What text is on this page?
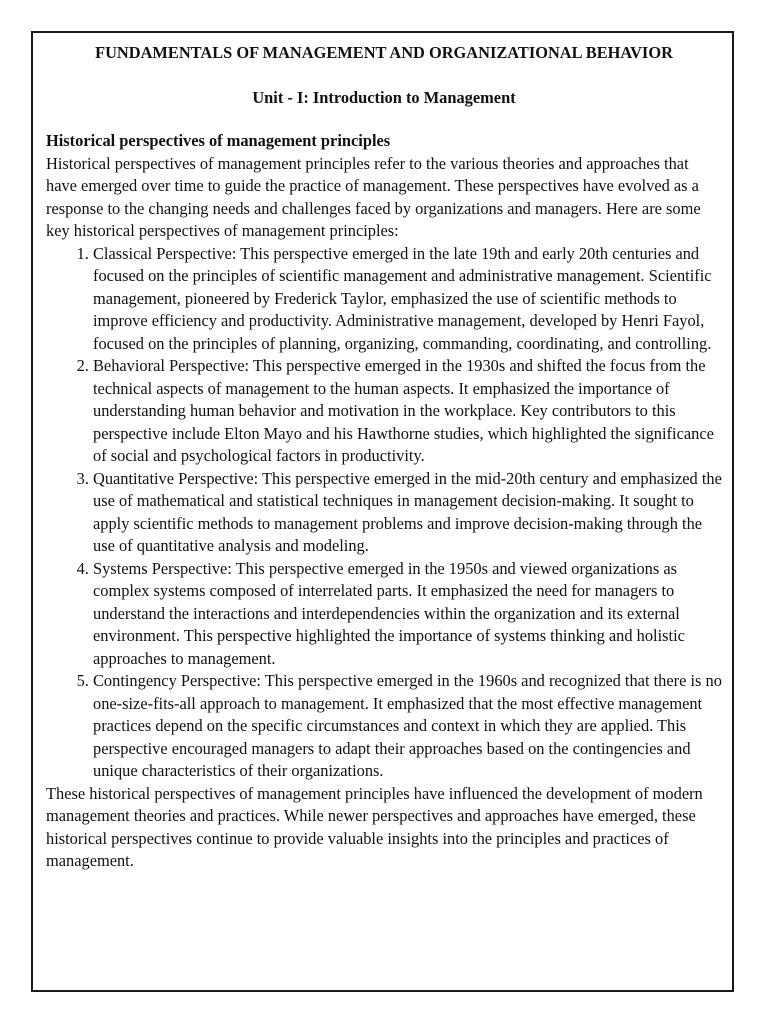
FUNDAMENTALS OF MANAGEMENT AND ORGANIZATIONAL BEHAVIOR
Unit - I: Introduction to Management
Historical perspectives of management principles

Historical perspectives of management principles refer to the various theories and approaches that have emerged over time to guide the practice of management. These perspectives have evolved as a response to the changing needs and challenges faced by organizations and managers. Here are some key historical perspectives of management principles:

1. Classical Perspective: This perspective emerged in the late 19th and early 20th centuries and focused on the principles of scientific management and administrative management. Scientific management, pioneered by Frederick Taylor, emphasized the use of scientific methods to improve efficiency and productivity. Administrative management, developed by Henri Fayol, focused on the principles of planning, organizing, commanding, coordinating, and controlling.
2. Behavioral Perspective: This perspective emerged in the 1930s and shifted the focus from the technical aspects of management to the human aspects. It emphasized the importance of understanding human behavior and motivation in the workplace. Key contributors to this perspective include Elton Mayo and his Hawthorne studies, which highlighted the significance of social and psychological factors in productivity.
3. Quantitative Perspective: This perspective emerged in the mid-20th century and emphasized the use of mathematical and statistical techniques in management decision-making. It sought to apply scientific methods to management problems and improve decision-making through the use of quantitative analysis and modeling.
4. Systems Perspective: This perspective emerged in the 1950s and viewed organizations as complex systems composed of interrelated parts. It emphasized the need for managers to understand the interactions and interdependencies within the organization and its external environment. This perspective highlighted the importance of systems thinking and holistic approaches to management.
5. Contingency Perspective: This perspective emerged in the 1960s and recognized that there is no one-size-fits-all approach to management. It emphasized that the most effective management practices depend on the specific circumstances and context in which they are applied. This perspective encouraged managers to adapt their approaches based on the contingencies and unique characteristics of their organizations.

These historical perspectives of management principles have influenced the development of modern management theories and practices. While newer perspectives and approaches have emerged, these historical perspectives continue to provide valuable insights into the principles and practices of management.
